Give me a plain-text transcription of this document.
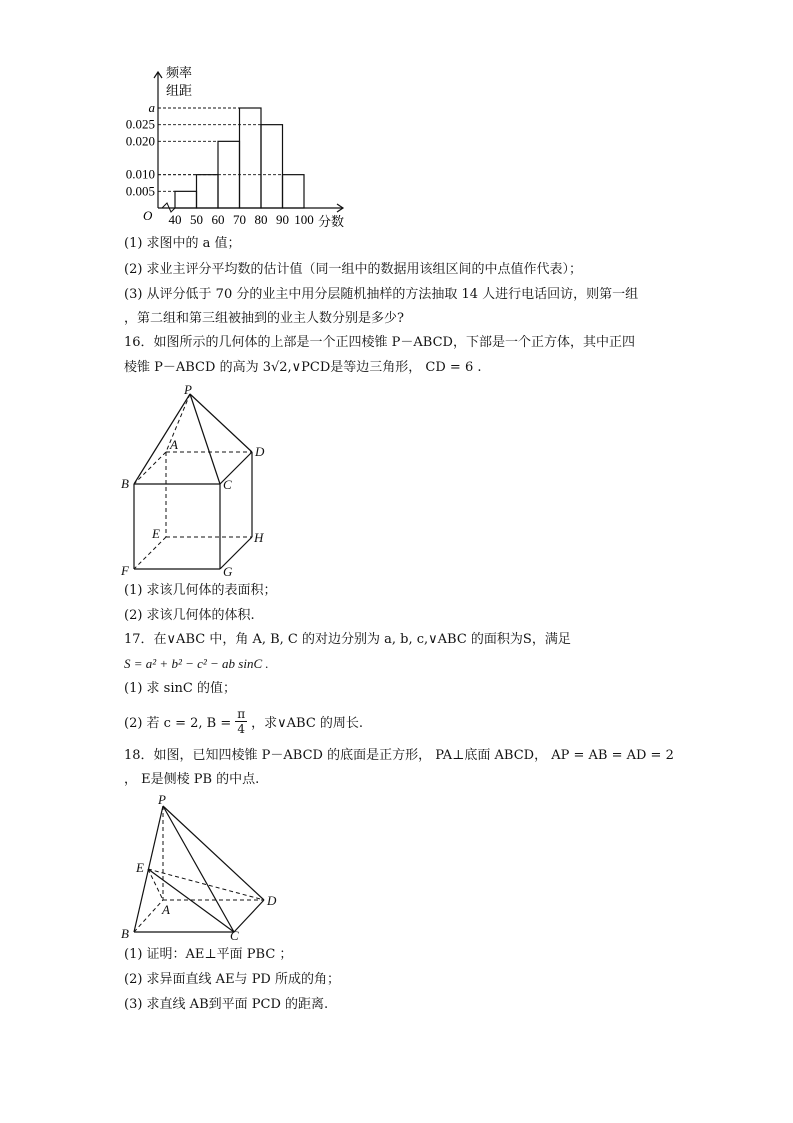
a
0.025
0.020
0.010
0.005
40 50 60 70 80 90 100
频率
组距
分数
O
(1) 求图中的 a 值；
(2) 求业主评分平均数的估计值（同一组中的数据用该组区间的中点值作代表）；
(3) 从评分低于 70 分的业主中用分层随机抽样的方法抽取 14 人进行电话回访，则第一组
，第二组和第三组被抽到的业主人数分别是多少?
16．如图所示的几何体的上部是一个正四棱锥 P－ABCD，下部是一个正方体，其中正四
棱锥 P－ABCD 的高为 3√2,∨PCD是等边三角形， CD = 6 .
P
A	D
B	C
E	H
F	G
(1) 求该几何体的表面积；
(2) 求该几何体的体积.
17．在∨ABC 中，角 A, B, C 的对边分别为 a, b, c,∨ABC 的面积为S，满足
S = a² + b² − c² − ab sinC .
(1) 求 sinC 的值；
(2) 若 c = 2, $B = \frac{\pi}{4}$ ，求∨ABC 的周长.
18．如图，已知四棱锥 P－ABCD 的底面是正方形， PA⊥底面 ABCD， AP = AB = AD = 2
， E是侧棱 PB 的中点.
P
E
A
D
B	C
(1) 证明：AE⊥平面 PBC ；
(2) 求异面直线 AE与 PD 所成的角；
(3) 求直线 AB到平面 PCD 的距离.
